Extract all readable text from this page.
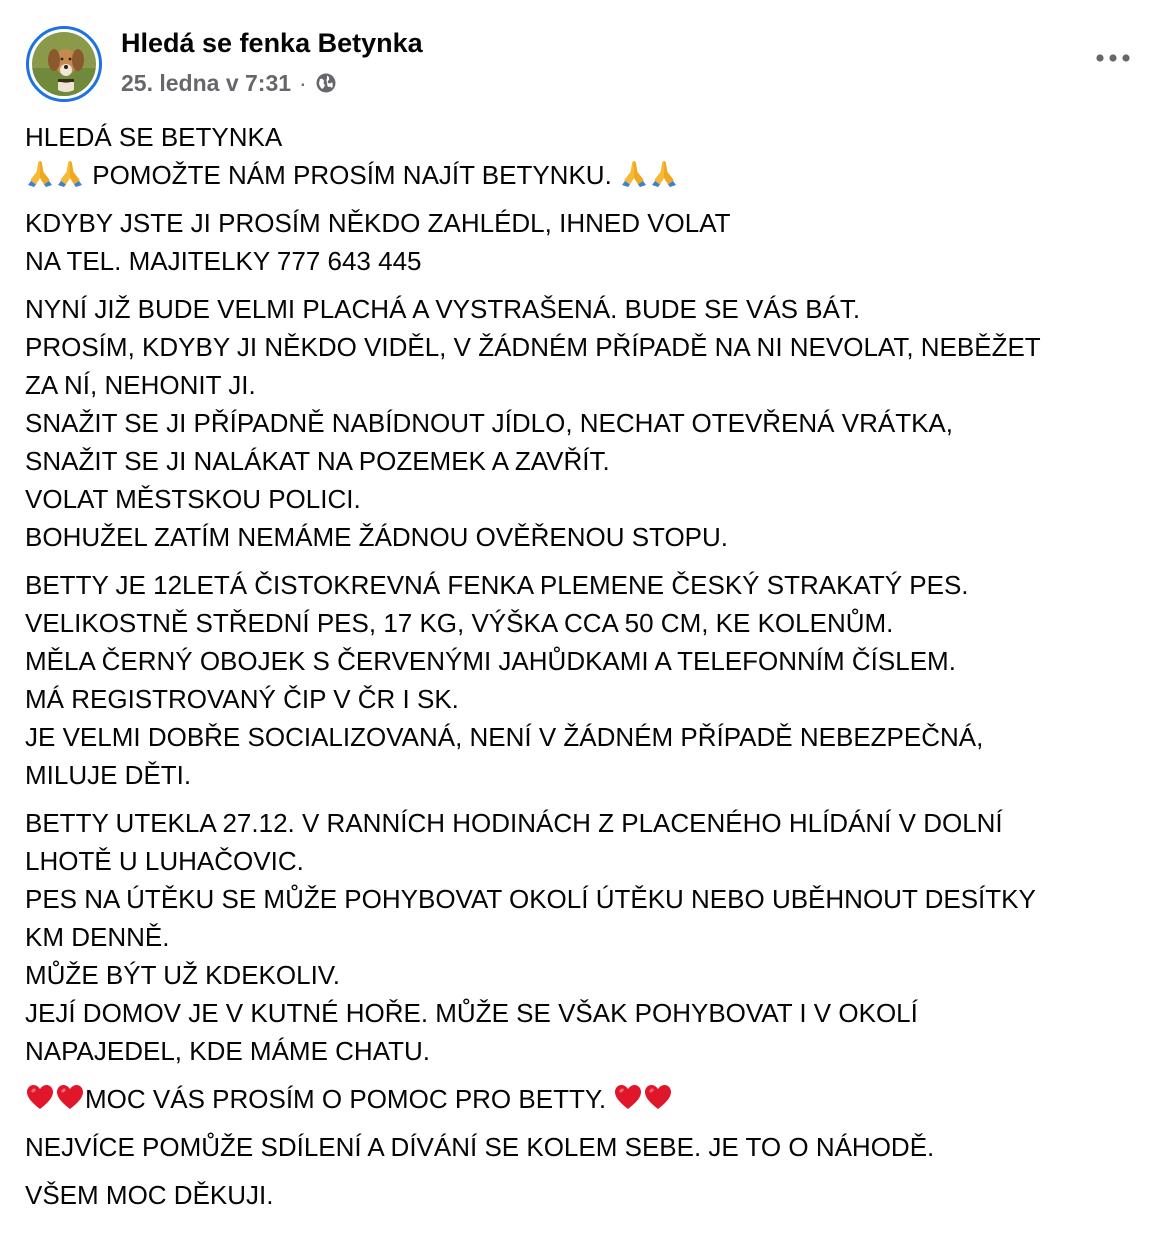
Hledá se fenka Betynka
25. ledna v 7:31 ·
HLEDÁ SE BETYNKA
POMOŽTE NÁM PROSÍM NAJÍT BETYNKU.
KDYBY JSTE JI PROSÍM NĚKDO ZAHLÉDL, IHNED VOLAT
NA TEL. MAJITELKY 777 643 445
NYNÍ JIŽ BUDE VELMI PLACHÁ A VYSTRAŠENÁ. BUDE SE VÁS BÁT.
PROSÍM, KDYBY JI NĚKDO VIDĚL, V ŽÁDNÉM PŘÍPADĚ NA NI NEVOLAT, NEBĚŽET
ZA NÍ, NEHONIT JI.
SNAŽIT SE JI PŘÍPADNĚ NABÍDNOUT JÍDLO, NECHAT OTEVŘENÁ VRÁTKA,
SNAŽIT SE JI NALÁKAT NA POZEMEK A ZAVŘÍT.
VOLAT MĚSTSKOU POLICI.
BOHUŽEL ZATÍM NEMÁME ŽÁDNOU OVĚŘENOU STOPU.
BETTY JE 12LETÁ ČISTOKREVNÁ FENKA PLEMENE ČESKÝ STRAKATÝ PES.
VELIKOSTNĚ STŘEDNÍ PES, 17 KG, VÝŠKA CCA 50 CM, KE KOLENŮM.
MĚLA ČERNÝ OBOJEK S ČERVENÝMI JAHŮDKAMI A TELEFONNÍM ČÍSLEM.
MÁ REGISTROVANÝ ČIP V ČR I SK.
JE VELMI DOBŘE SOCIALIZOVANÁ, NENÍ V ŽÁDNÉM PŘÍPADĚ NEBEZPEČNÁ,
MILUJE DĚTI.
BETTY UTEKLA 27.12. V RANNÍCH HODINÁCH Z PLACENÉHO HLÍDÁNÍ V DOLNÍ
LHOTĚ U LUHAČOVIC.
PES NA ÚTĚKU SE MŮŽE POHYBOVAT OKOLÍ ÚTĚKU NEBO UBĚHNOUT DESÍTKY
KM DENNĚ.
MŮŽE BÝT UŽ KDEKOLIV.
JEJÍ DOMOV JE V KUTNÉ HOŘE. MŮŽE SE VŠAK POHYBOVAT I V OKOLÍ
NAPAJEDEL, KDE MÁME CHATU.
MOC VÁS PROSÍM O POMOC PRO BETTY.
NEJVÍCE POMŮŽE SDÍLENÍ A DÍVÁNÍ SE KOLEM SEBE. JE TO O NÁHODĚ.
VŠEM MOC DĚKUJI.
